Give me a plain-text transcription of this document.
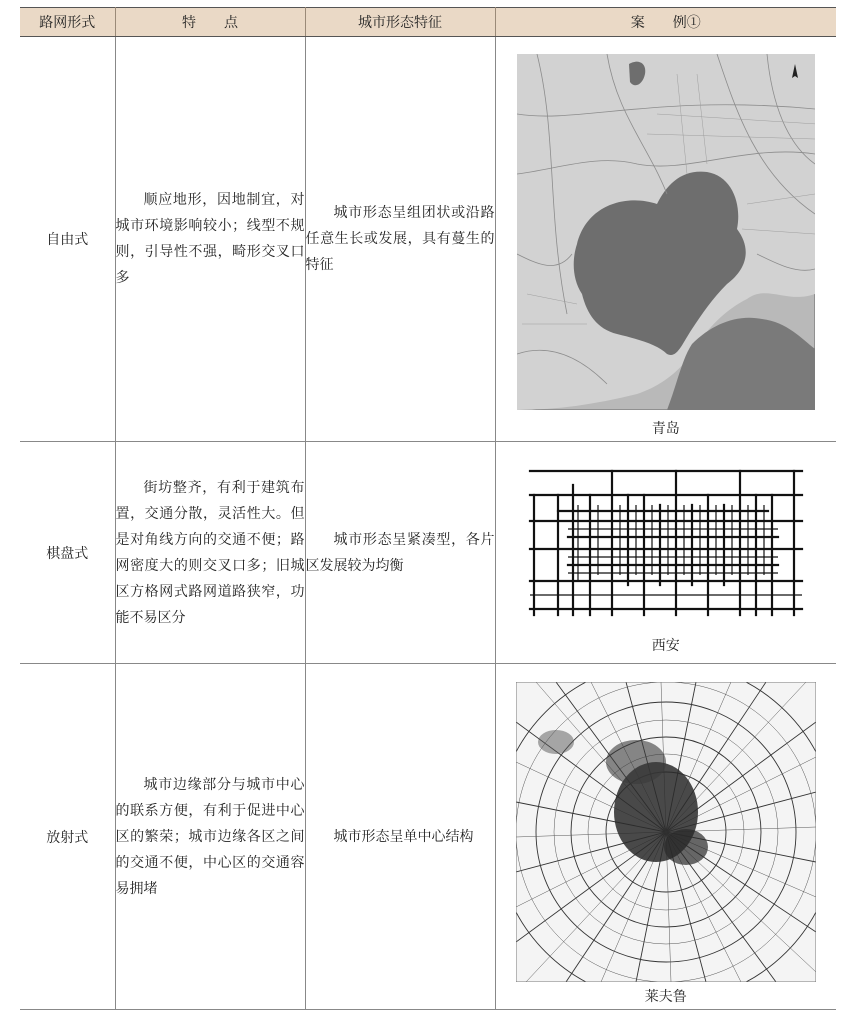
路网形式	特　　点	城市形态特征	案　　例①
自由式	顺应地形，因地制宜，对城市环境影响较小；线型不规则，引导性不强，畸形交叉口多	城市形态呈组团状或沿路任意生长或发展，具有蔓生的特征	青岛

棋盘式	街坊整齐，有利于建筑布置，交通分散，灵活性大。但是对角线方向的交通不便；路网密度大的则交叉口多；旧城区方格网式路网道路狭窄，功能不易区分	城市形态呈紧凑型，各片区发展较为均衡	西安

放射式	城市边缘部分与城市中心的联系方便，有利于促进中心区的繁荣；城市边缘各区之间的交通不便，中心区的交通容易拥堵	城市形态呈单中心结构	莱夫鲁
